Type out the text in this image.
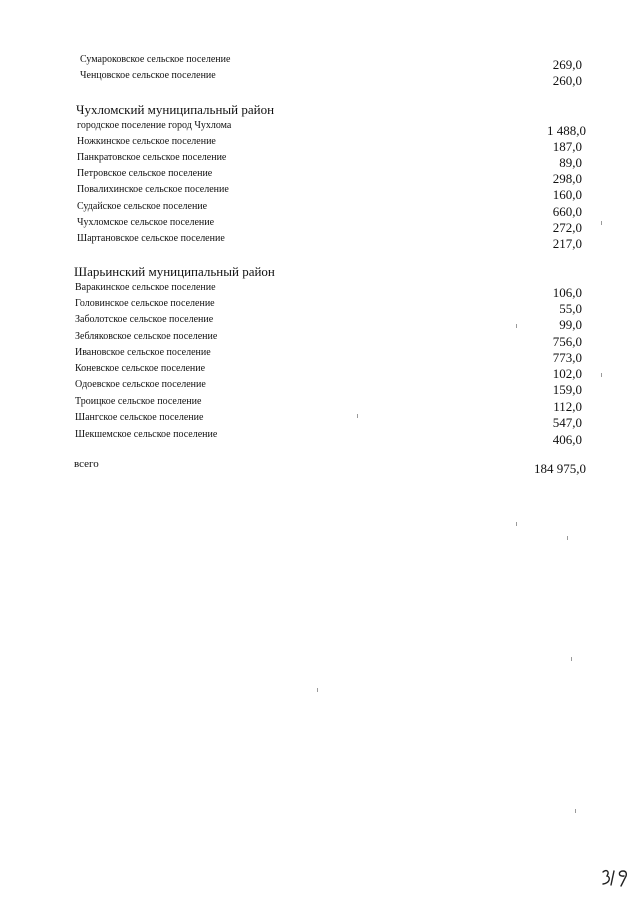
Сумароковское сельское поселение	269,0
Ченцовское сельское поселение	260,0
Чухломский муниципальный район
городское поселение город Чухлома	1 488,0
Ножкинское сельское поселение	187,0
Панкратовское сельское поселение	89,0
Петровское сельское поселение	298,0
Повалихинское сельское поселение	160,0
Судайское сельское поселение	660,0
Чухломское сельское поселение	272,0
Шартановское сельское поселение	217,0
Шарьинский муниципальный район
Варакинское сельское поселение	106,0
Головинское сельское поселение	55,0
Заболотское сельское поселение	99,0
Зебляковское сельское поселение	756,0
Ивановское сельское поселение	773,0
Коневское сельское поселение	102,0
Одоевское сельское поселение	159,0
Троицкое сельское поселение	112,0
Шангское сельское поселение	547,0
Шекшемское сельское поселение	406,0
всего	184 975,0
